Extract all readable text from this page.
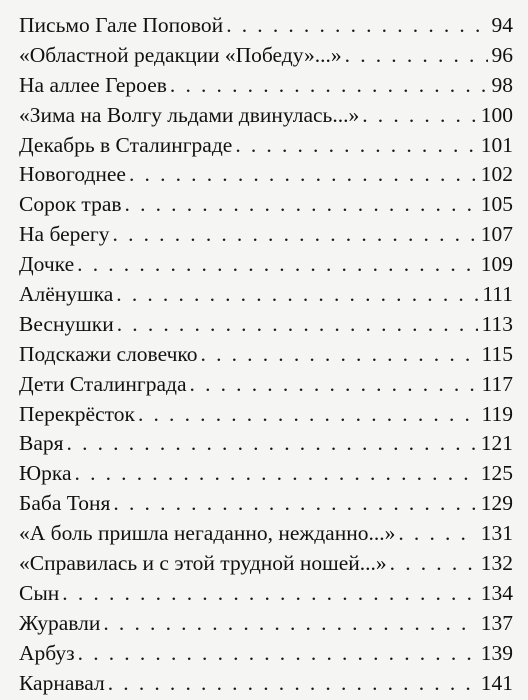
Письмо Гале Поповой . . .	94
«Областной редакции «Победу»...» . . .	96
На аллее Героев . . .	98
«Зима на Волгу льдами двинулась...» . . .	100
Декабрь в Сталинграде . . .	101
Новогоднее . . .	102
Сорок трав . . .	105
На берегу . . .	107
Дочке . . .	109
Алёнушка . . .	111
Веснушки . . .	113
Подскажи словечко . . .	115
Дети Сталинграда . . .	117
Перекрёсток . . .	119
Варя . . .	121
Юрка . . .	125
Баба Тоня . . .	129
«А боль пришла негаданно, нежданно...» . . .	131
«Справилась и с этой трудной ношей...» . . .	132
Сын . . .	134
Журавли . . .	137
Арбуз . . .	139
Карнавал . . .	141
